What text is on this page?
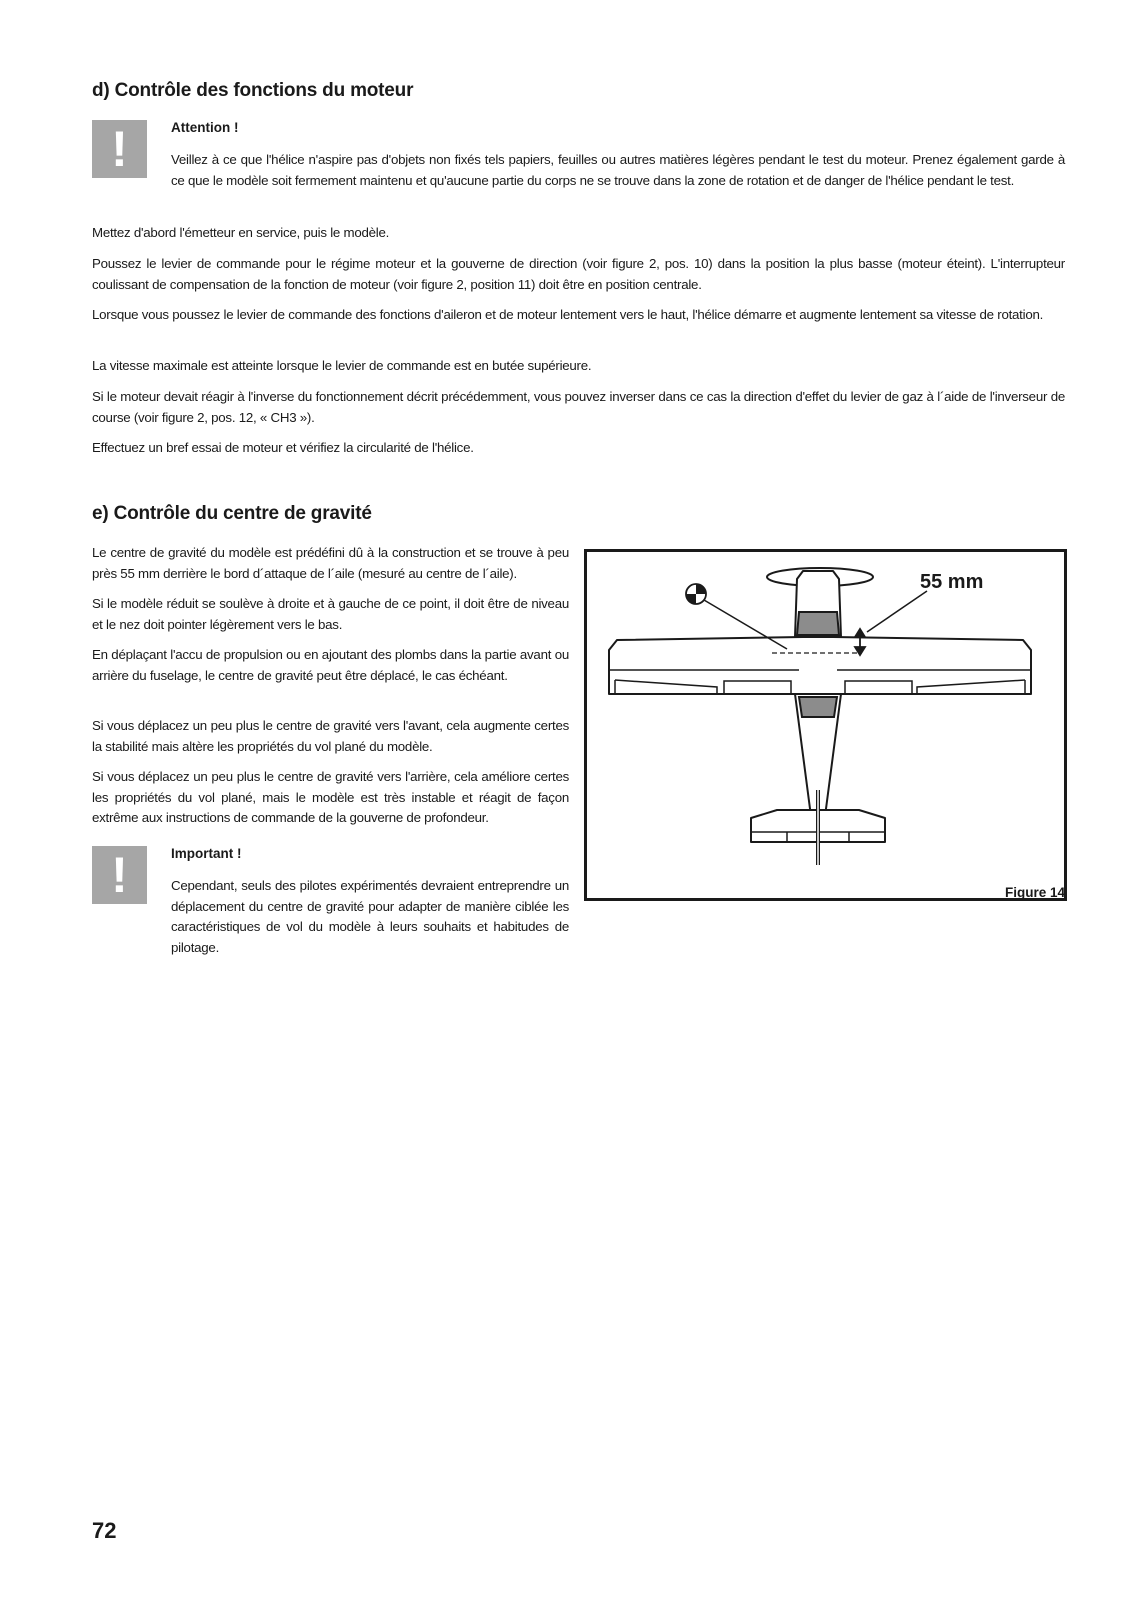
d) Contrôle des fonctions du moteur
!	Attention !

Veillez à ce que l'hélice n'aspire pas d'objets non fixés tels papiers, feuilles ou autres matières légères pendant le test du moteur. Prenez également garde à ce que le modèle soit fermement maintenu et qu'aucune partie du corps ne se trouve dans la zone de rotation et de danger de l'hélice pendant le test.

Mettez d'abord l'émetteur en service, puis le modèle.

Poussez le levier de commande pour le régime moteur et la gouverne de direction (voir figure 2, pos. 10) dans la position la plus basse (moteur éteint). L'interrupteur coulissant de compensation de la fonction de moteur (voir figure 2, position 11) doit être en position centrale.

Lorsque vous poussez le levier de commande des fonctions d'aileron et de moteur lentement vers le haut, l'hélice démarre et augmente lentement sa vitesse de rotation.

La vitesse maximale est atteinte lorsque le levier de commande est en butée supérieure.

Si le moteur devait réagir à l'inverse du fonctionnement décrit précédemment, vous pouvez inverser dans ce cas la direction d'effet du levier de gaz à l´aide de l'inverseur de course (voir figure 2, pos. 12, « CH3 »).

Effectuez un bref essai de moteur et vérifiez la circularité de l'hélice.

e) Contrôle du centre de gravité

Le centre de gravité du modèle est prédéfini dû à la construction et se trouve à peu près 55 mm derrière le bord d´attaque de l´aile (mesuré au centre de l´aile).

Si le modèle réduit se soulève à droite et à gauche de ce point, il doit être de niveau et le nez doit pointer légèrement vers le bas.

En déplaçant l'accu de propulsion ou en ajoutant des plombs dans la partie avant ou arrière du fuselage, le centre de gravité peut être déplacé, le cas échéant.

Si vous déplacez un peu plus le centre de gravité vers l'avant, cela augmente certes la stabilité mais altère les propriétés du vol plané du modèle.

Si vous déplacez un peu plus le centre de gravité vers l'arrière, cela améliore certes les propriétés du vol plané, mais le modèle est très instable et réagit de façon extrême aux instructions de commande de la gouverne de profondeur.

!	Important !

Cependant, seuls des pilotes expérimentés devraient entreprendre un déplacement du centre de gravité pour adapter de manière ciblée les caractéristiques de vol du modèle à leurs souhaits et habitudes de pilotage.

55 mm

Figure 14

72
